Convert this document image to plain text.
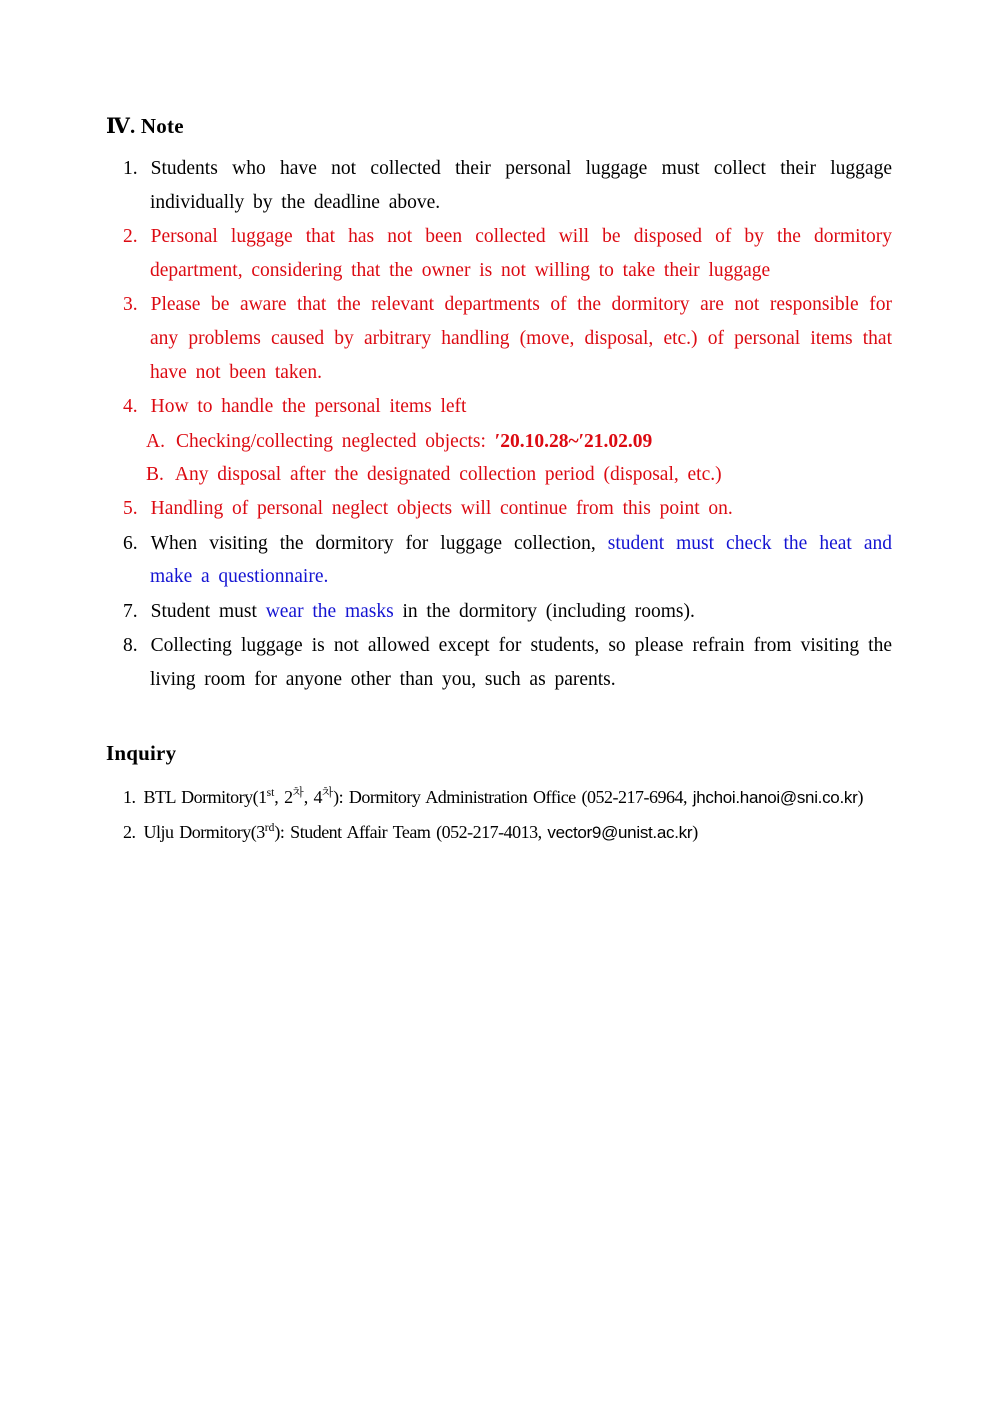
Ⅳ. Note
1. Students who have not collected their personal luggage must collect their luggage individually by the deadline above.
2. Personal luggage that has not been collected will be disposed of by the dormitory department, considering that the owner is not willing to take their luggage
3. Please be aware that the relevant departments of the dormitory are not responsible for any problems caused by arbitrary handling (move, disposal, etc.) of personal items that have not been taken.
4. How to handle the personal items left
A. Checking/collecting neglected objects: ′20.10.28~′21.02.09
B. Any disposal after the designated collection period (disposal, etc.)
5. Handling of personal neglect objects will continue from this point on.
6. When visiting the dormitory for luggage collection, student must check the heat and make a questionnaire.
7. Student must wear the masks in the dormitory (including rooms).
8. Collecting luggage is not allowed except for students, so please refrain from visiting the living room for anyone other than you, such as parents.
Inquiry
1. BTL Dormitory(1st, $2^차$, $4^차$): Dormitory Administration Office (052-217-6964, jhchoi.hanoi@sni.co.kr)
2. Ulju Dormitory(3rd): Student Affair Team (052-217-4013, vector9@unist.ac.kr)
